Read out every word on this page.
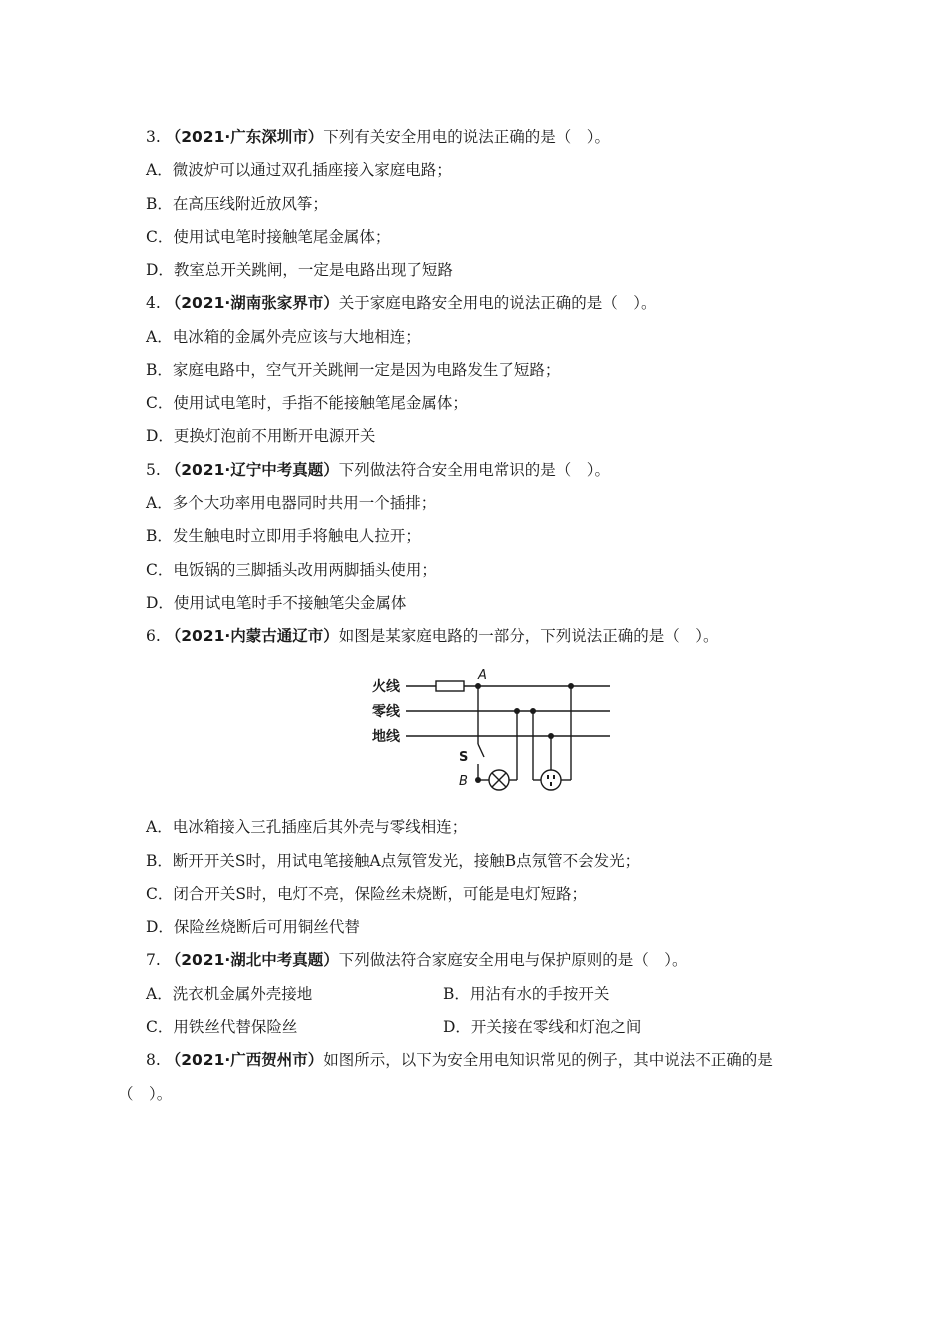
3. （2021·广东深圳市）下列有关安全用电的说法正确的是（　）。
A．微波炉可以通过双孔插座接入家庭电路；
B．在高压线附近放风筝；
C．使用试电笔时接触笔尾金属体；
D．教室总开关跳闸，一定是电路出现了短路
4. （2021·湖南张家界市）关于家庭电路安全用电的说法正确的是（　）。
A．电冰箱的金属外壳应该与大地相连；
B．家庭电路中，空气开关跳闸一定是因为电路发生了短路；
C．使用试电笔时，手指不能接触笔尾金属体；
D．更换灯泡前不用断开电源开关
5. （2021·辽宁中考真题）下列做法符合安全用电常识的是（　）。
A．多个大功率用电器同时共用一个插排；
B．发生触电时立即用手将触电人拉开；
C．电饭锅的三脚插头改用两脚插头使用；
D．使用试电笔时手不接触笔尖金属体
6. （2021·内蒙古通辽市）如图是某家庭电路的一部分，下列说法正确的是（　）。
火线
零线
地线
A
S
B
A．电冰箱接入三孔插座后其外壳与零线相连；
B．断开开关S时，用试电笔接触A点氖管发光，接触B点氖管不会发光；
C．闭合开关S时，电灯不亮，保险丝未烧断，可能是电灯短路；
D．保险丝烧断后可用铜丝代替
7. （2021·湖北中考真题）下列做法符合家庭安全用电与保护原则的是（　）。
A．洗衣机金属外壳接地	B．用沾有水的手按开关
C．用铁丝代替保险丝	D．开关接在零线和灯泡之间
8. （2021·广西贺州市）如图所示，以下为安全用电知识常见的例子，其中说法不正确的是
（　）。
